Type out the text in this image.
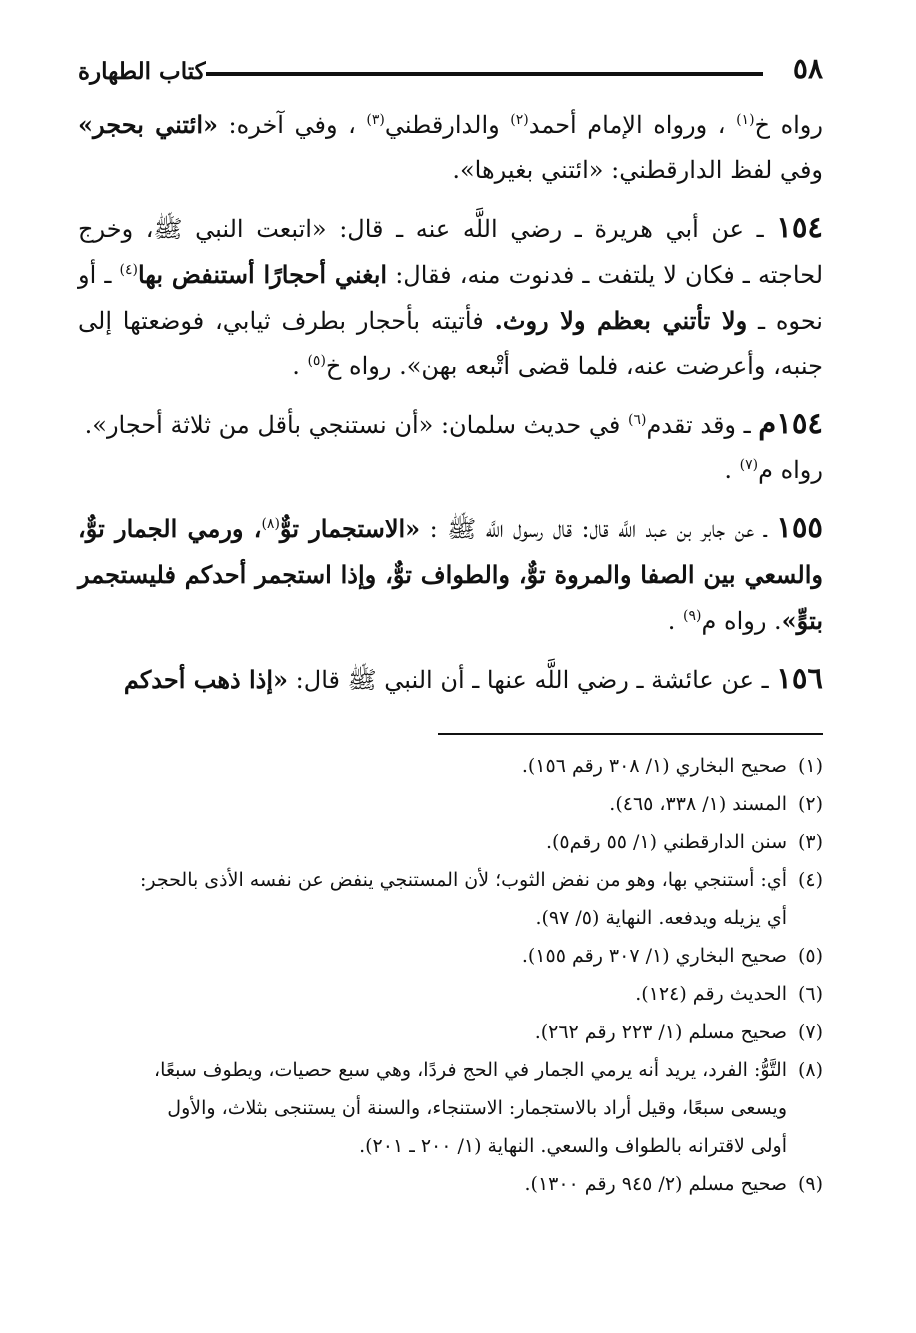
٥٨
كتاب الطهارة

رواه خ$^{(١)}$ ، ورواه الإمام أحمد$^{(٢)}$ والدارقطني$^{(٣)}$ ، وفي آخره: «ائتني بحجر» وفي لفظ الدارقطني: «ائتني بغيرها».

١٥٤ ـ عن أبي هريرة ـ رضي اللَّه عنه ـ قال: «اتبعت النبي ﷺ، وخرج لحاجته ـ فكان لا يلتفت ـ فدنوت منه، فقال: ابغني أحجارًا أستنفض بها$^{(٤)}$ ـ أو نحوه ـ ولا تأتني بعظم ولا روث. فأتيته بأحجار بطرف ثيابي، فوضعتها إلى جنبه، وأعرضت عنه، فلما قضى أتْبعه بهن». رواه خ$^{(٥)}$ .

١٥٤م ـ وقد تقدم$^{(٦)}$ في حديث سلمان: «أن نستنجي بأقل من ثلاثة أحجار».
رواه م$^{(٧)}$ .

١٥٥ ـ عن جابر بن عبد اللَّه قال: قال رسول اللَّه ﷺ : «الاستجمار توٌّ$^{(٨)}$، ورمي الجمار توٌّ، والسعي بين الصفا والمروة توٌّ، والطواف توٌّ، وإذا استجمر أحدكم فليستجمر بتوٍّ». رواه م$^{(٩)}$ .

١٥٦ ـ عن عائشة ـ رضي اللَّه عنها ـ أن النبي ﷺ قال: «إذا ذهب أحدكم

(١)صحيح البخاري (١/ ٣٠٨ رقم ١٥٦).

(٢)المسند (١/ ٣٣٨، ٤٦٥).

(٣)سنن الدارقطني (١/ ٥٥ رقم٥).

(٤)أي: أستنجي بها، وهو من نفض الثوب؛ لأن المستنجي ينفض عن نفسه الأذى بالحجر:

أي يزيله ويدفعه. النهاية (٥/ ٩٧).

(٥)صحيح البخاري (١/ ٣٠٧ رقم ١٥٥).

(٦)الحديث رقم (١٢٤).

(٧)صحيح مسلم (١/ ٢٢٣ رقم ٢٦٢).

(٨)التَّوُّ: الفرد، يريد أنه يرمي الجمار في الحج فردًا، وهي سبع حصيات، ويطوف سبعًا،

ويسعى سبعًا، وقيل أراد بالاستجمار: الاستنجاء، والسنة أن يستنجى بثلاث، والأول

أولى لاقترانه بالطواف والسعي. النهاية (١/ ٢٠٠ ـ ٢٠١).

(٩)صحيح مسلم (٢/ ٩٤٥ رقم ١٣٠٠).
